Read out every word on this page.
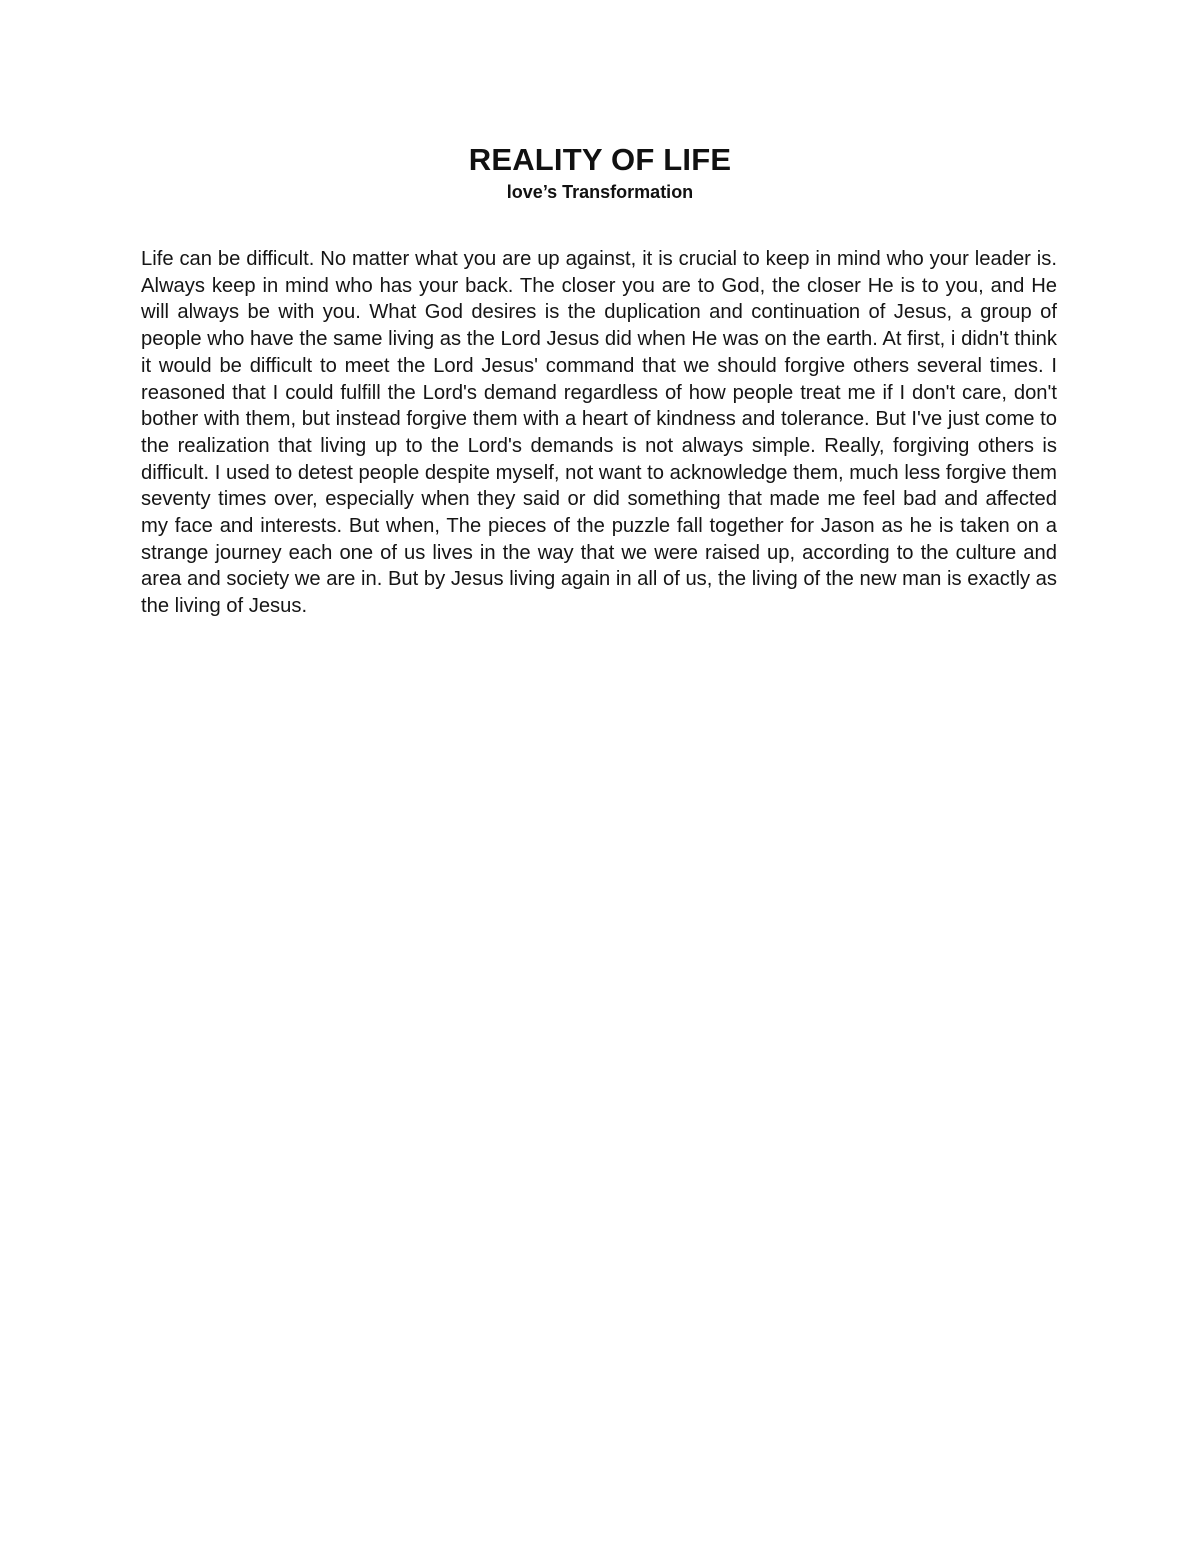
REALITY OF LIFE
love’s Transformation

Life can be difficult. No matter what you are up against, it is crucial to keep in mind who your leader is. Always keep in mind who has your back. The closer you are to God, the closer He is to you, and He will always be with you. What God desires is the duplication and continuation of Jesus, a group of people who have the same living as the Lord Jesus did when He was on the earth. At first, i didn't think it would be difficult to meet the Lord Jesus' command that we should forgive others several times. I reasoned that I could fulfill the Lord's demand regardless of how people treat me if I don't care, don't bother with them, but instead forgive them with a heart of kindness and tolerance. But I've just come to the realization that living up to the Lord's demands is not always simple. Really, forgiving others is difficult. I used to detest people despite myself, not want to acknowledge them, much less forgive them seventy times over, especially when they said or did something that made me feel bad and affected my face and interests. But when, The pieces of the puzzle fall together for Jason as he is taken on a strange journey each one of us lives in the way that we were raised up, according to the culture and area and society we are in. But by Jesus living again in all of us, the living of the new man is exactly as the living of Jesus.
